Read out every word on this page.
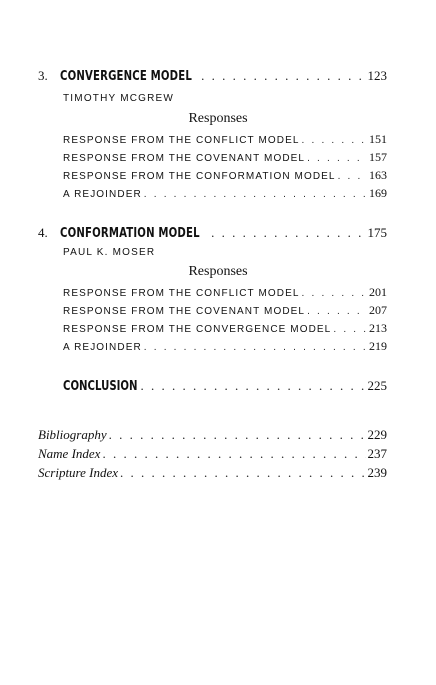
3. CONVERGENCE MODEL . . .	123
TIMOTHY MCGREW
Responses
RESPONSE FROM THE CONFLICT MODEL . . .	151
RESPONSE FROM THE COVENANT MODEL . . .	157
RESPONSE FROM THE CONFORMATION MODEL . . .	163
A REJOINDER . . .	169
4. CONFORMATION MODEL . . .	175
PAUL K. MOSER
Responses
RESPONSE FROM THE CONFLICT MODEL . . .	201
RESPONSE FROM THE COVENANT MODEL . . .	207
RESPONSE FROM THE CONVERGENCE MODEL . . .	213
A REJOINDER . . .	219
CONCLUSION . . .	225
Bibliography . . .	229
Name Index . . .	237
Scripture Index . . .	239
